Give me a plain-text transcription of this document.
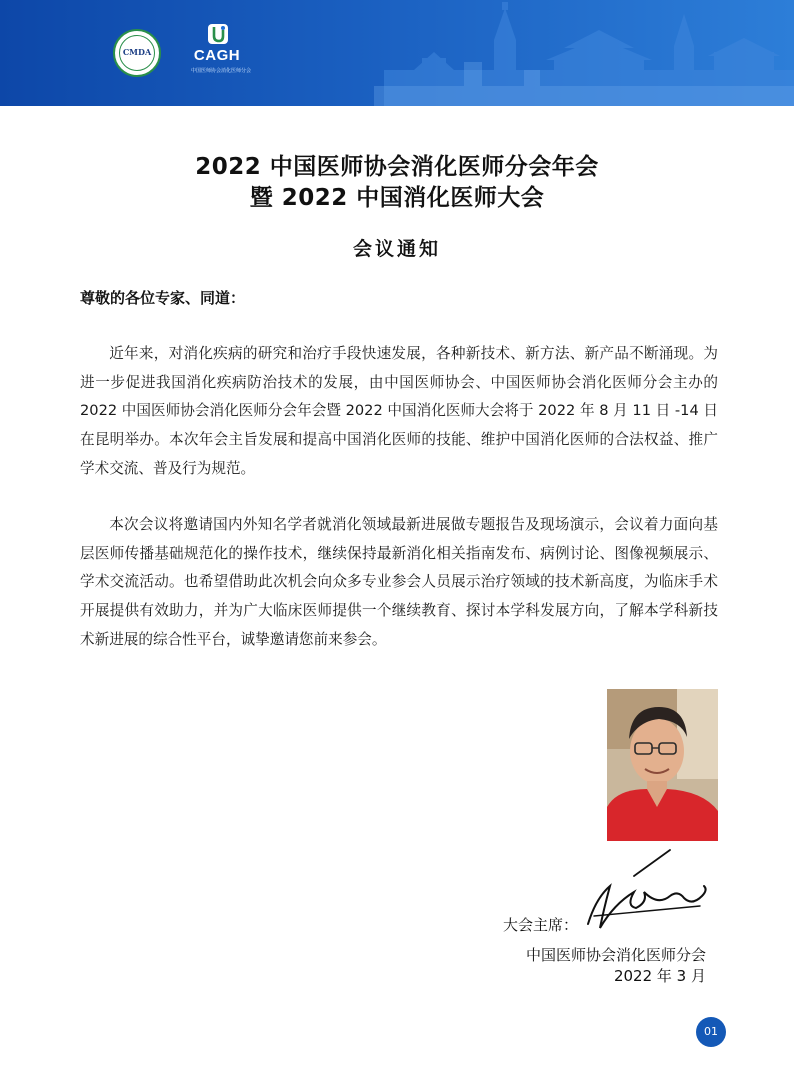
CMDA	CAGH
中国医师协会消化医师分会
2022 中国医师协会消化医师分会年会
暨 2022 中国消化医师大会
会议通知
尊敬的各位专家、同道：

近年来，对消化疾病的研究和治疗手段快速发展，各种新技术、新方法、新产品不断涌现。为进一步促进我国消化疾病防治技术的发展，由中国医师协会、中国医师协会消化医师分会主办的 2022 中国医师协会消化医师分会年会暨 2022 中国消化医师大会将于 2022 年 8 月 11 日 -14 日在昆明举办。本次年会主旨发展和提高中国消化医师的技能、维护中国消化医师的合法权益、推广学术交流、普及行为规范。

本次会议将邀请国内外知名学者就消化领域最新进展做专题报告及现场演示，会议着力面向基层医师传播基础规范化的操作技术，继续保持最新消化相关指南发布、病例讨论、图像视频展示、学术交流活动。也希望借助此次机会向众多专业参会人员展示治疗领域的技术新高度，为临床手术开展提供有效助力，并为广大临床医师提供一个继续教育、探讨本学科发展方向，了解本学科新技术新进展的综合性平台，诚挚邀请您前来参会。

大会主席：
中国医师协会消化医师分会
2022 年 3 月
01
